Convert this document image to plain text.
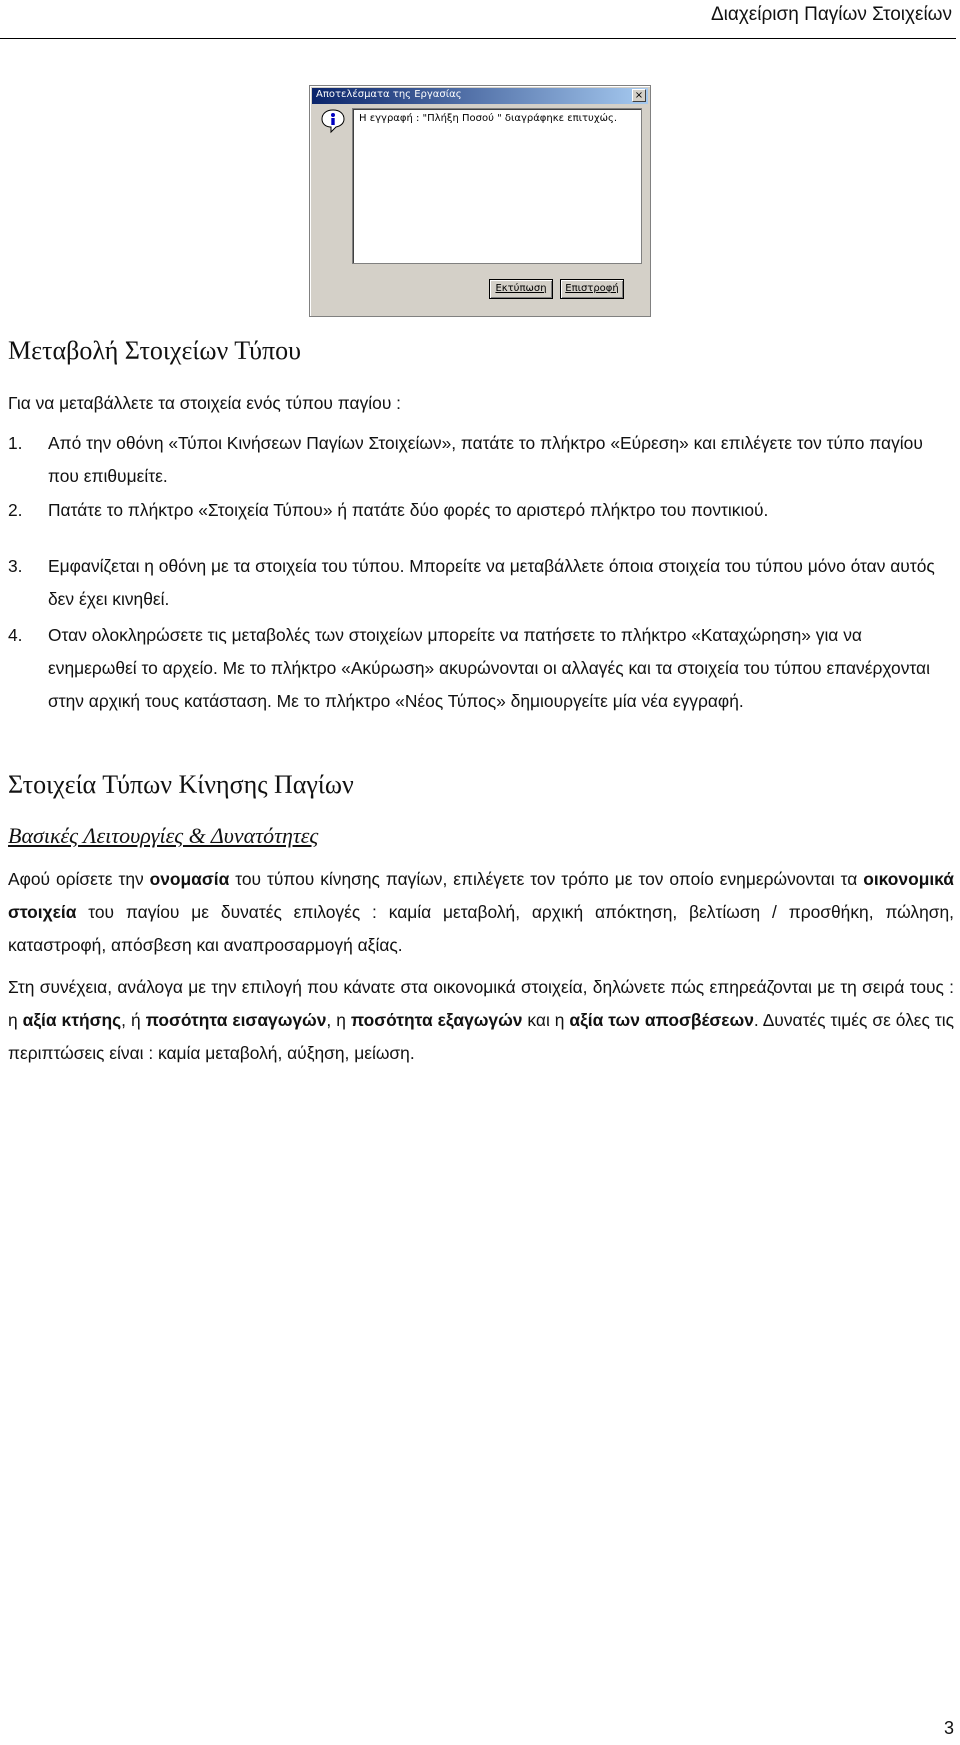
Διαχείριση Παγίων Στοιχείων
Αποτελέσματα της Εργασίας	×
Η εγγραφή : "Πλήξη Ποσού " διαγράφηκε επιτυχώς.
Εκτύπωση	Επιστροφή
Μεταβολή Στοιχείων Τύπου
Για να μεταβάλλετε τα στοιχεία ενός τύπου παγίου :
1. Από την οθόνη «Τύποι Κινήσεων Παγίων Στοιχείων», πατάτε το πλήκτρο «Εύρεση» και επιλέγετε τον τύπο παγίου που επιθυμείτε.
2. Πατάτε το πλήκτρο «Στοιχεία Τύπου» ή πατάτε δύο φορές το αριστερό πλήκτρο του ποντικιού.
3. Εμφανίζεται η οθόνη με τα στοιχεία του τύπου. Μπορείτε να μεταβάλλετε όποια στοιχεία του τύπου μόνο όταν αυτός δεν έχει κινηθεί.
4. Οταν ολοκληρώσετε τις μεταβολές των στοιχείων μπορείτε να πατήσετε το πλήκτρο «Καταχώρηση» για να ενημερωθεί το αρχείο. Με το πλήκτρο «Ακύρωση» ακυρώνονται οι αλλαγές και τα στοιχεία του τύπου επανέρχονται στην αρχική τους κατάσταση. Με το πλήκτρο «Νέος Τύπος» δημιουργείτε μία νέα εγγραφή.
Στοιχεία Τύπων Κίνησης Παγίων
Βασικές Λειτουργίες & Δυνατότητες
Αφού ορίσετε την ονομασία του τύπου κίνησης παγίων, επιλέγετε τον τρόπο με τον οποίο ενημερώνονται τα οικονομικά στοιχεία του παγίου με δυνατές επιλογές : καμία μεταβολή, αρχική απόκτηση, βελτίωση / προσθήκη, πώληση, καταστροφή, απόσβεση και αναπροσαρμογή αξίας.
Στη συνέχεια, ανάλογα με την επιλογή που κάνατε στα οικονομικά στοιχεία, δηλώνετε πώς επηρεάζονται με τη σειρά τους : η αξία κτήσης, ή ποσότητα εισαγωγών, η ποσότητα εξαγωγών και η αξία των αποσβέσεων. Δυνατές τιμές σε όλες τις περιπτώσεις είναι : καμία μεταβολή, αύξηση, μείωση.
3
